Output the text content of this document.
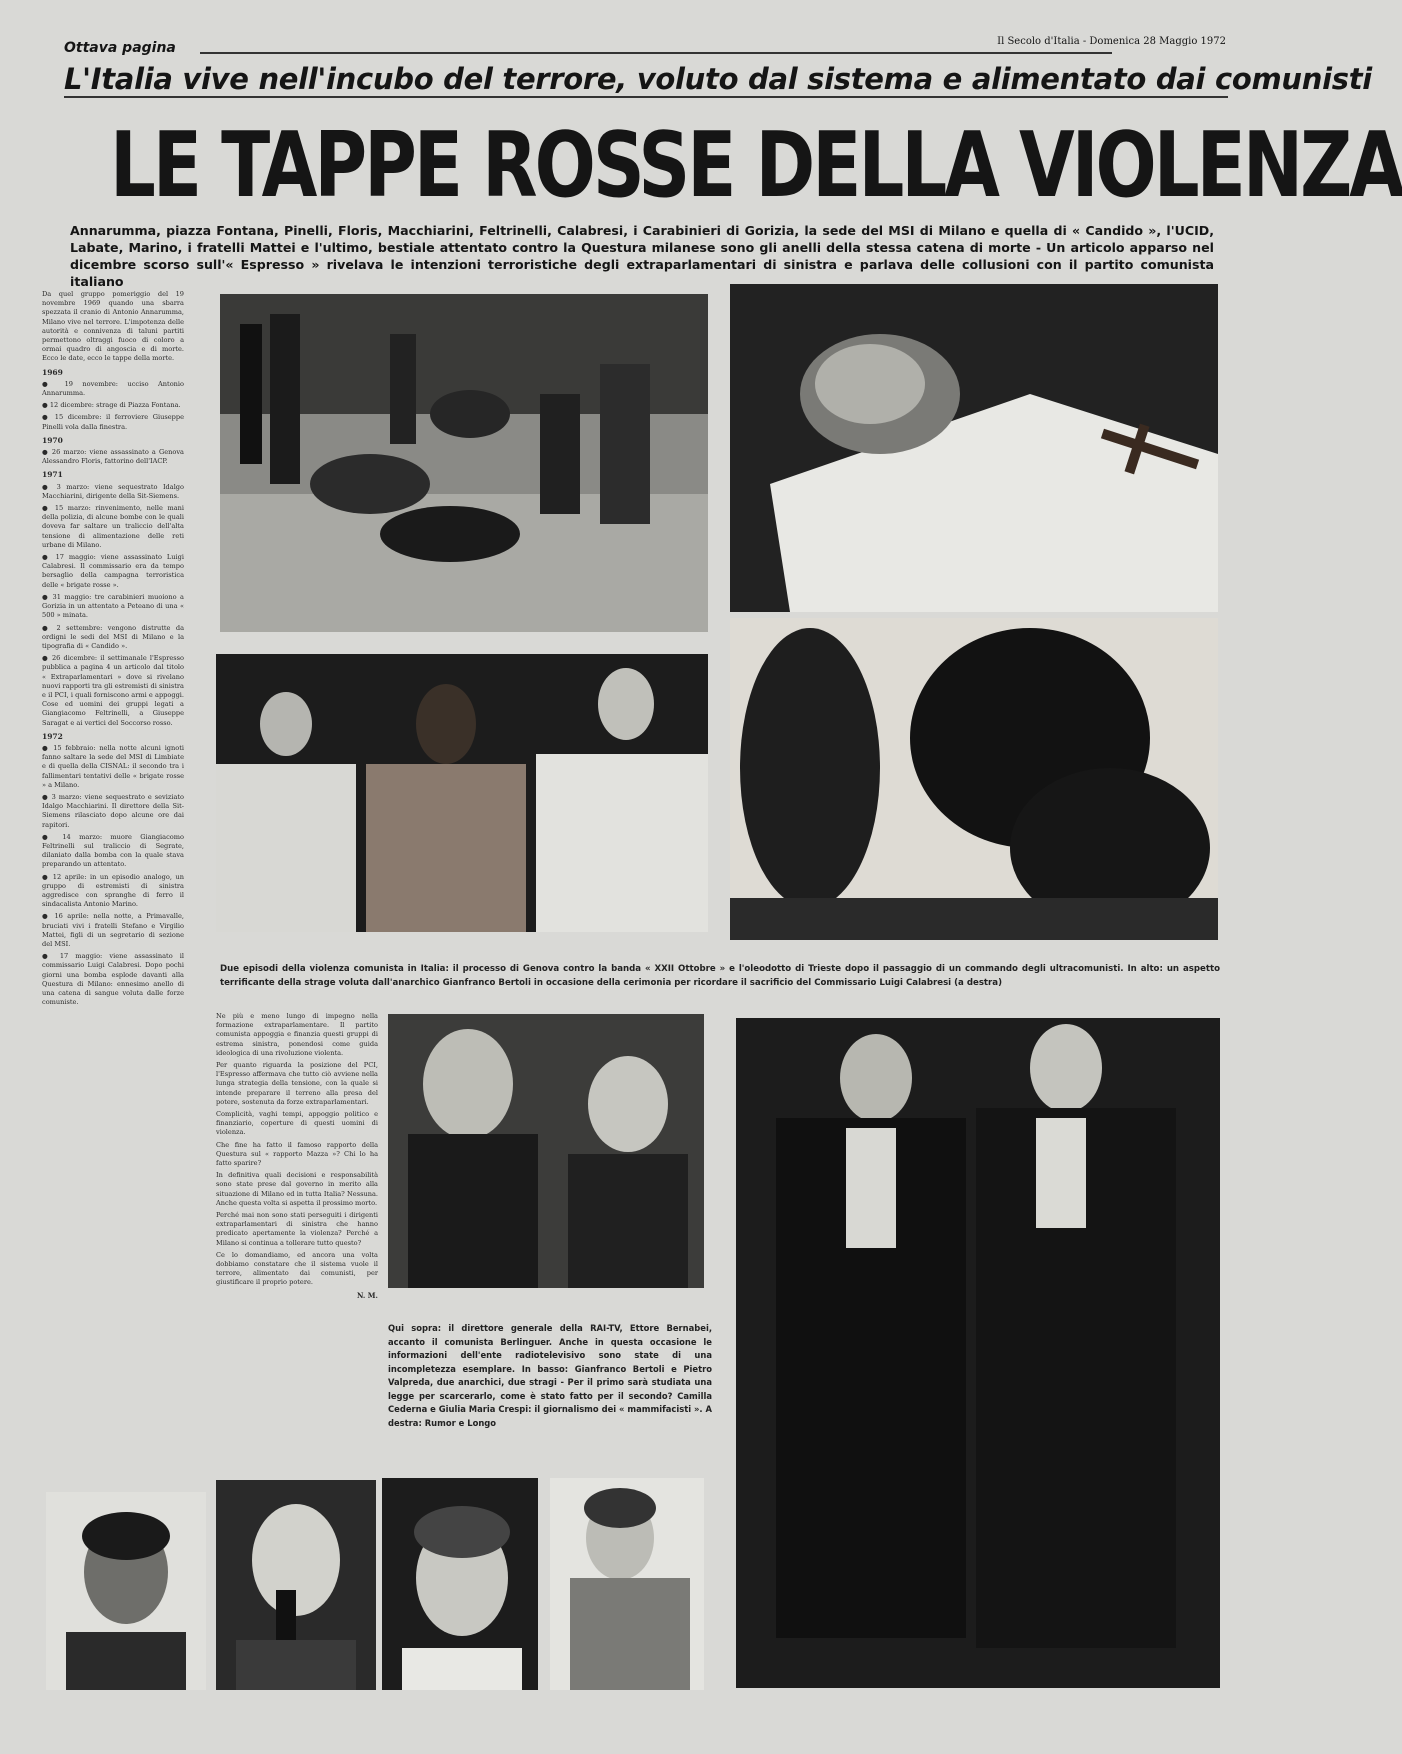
Ottava pagina	Il Secolo d'Italia - Domenica 28 Maggio 1972
L'Italia vive nell'incubo del terrore, voluto dal sistema e alimentato dai comunisti
LE TAPPE ROSSE DELLA VIOLENZA
Annarumma, piazza Fontana, Pinelli, Floris, Macchiarini, Feltrinelli, Calabresi, i Carabinieri di Gorizia, la sede del MSI di Milano e quella di « Candido », l'UCID, Labate, Marino, i fratelli Mattei e l'ultimo, bestiale attentato contro la Questura milanese sono gli anelli della stessa catena di morte - Un articolo apparso nel dicembre scorso sull'« Espresso » rivelava le intenzioni terroristiche degli extraparlamentari di sinistra e parlava delle collusioni con il partito comunista italiano

Da quel gruppo pomeriggio del 19 novembre 1969 quando una sbarra spezzata il cranio di Antonio Annarumma, Milano vive nel terrore. L'impotenza delle autorità e connivenza di taluni partiti permettono oltraggi fuoco di coloro a ormai quadro di angoscia e di morte. Ecco le date, ecco le tappe della morte.

1969

● 19 novembre: ucciso Antonio Annarumma.

● 12 dicembre: strage di Piazza Fontana.

● 15 dicembre: il ferroviere Giuseppe Pinelli vola dalla finestra.

1970

● 26 marzo: viene assassinato a Genova Alessandro Floris, fattorino dell'IACP.

1971

● 3 marzo: viene sequestrato Idalgo Macchiarini, dirigente della Sit-Siemens.

● 15 marzo: rinvenimento, nelle mani della polizia, di alcune bombe con le quali doveva far saltare un traliccio dell'alta tensione di alimentazione delle reti urbane di Milano.

● 17 maggio: viene assassinato Luigi Calabresi. Il commissario era da tempo bersaglio della campagna terroristica delle « brigate rosse ».

● 31 maggio: tre carabinieri muoiono a Gorizia in un attentato a Peteano di una « 500 » minata.

● 2 settembre: vengono distrutte da ordigni le sedi del MSI di Milano e la tipografia di « Candido ».

● 26 dicembre: il settimanale l'Espresso pubblica a pagina 4 un articolo dal titolo « Extraparlamentari » dove si rivelano nuovi rapporti tra gli estremisti di sinistra e il PCI, i quali forniscono armi e appoggi. Cose ed uomini dei gruppi legati a Giangiacomo Feltrinelli, a Giuseppe Saragat e ai vertici del Soccorso rosso.

1972

● 15 febbraio: nella notte alcuni ignoti fanno saltare la sede del MSI di Limbiate e di quella della CISNAL: il secondo tra i fallimentari tentativi delle « brigate rosse » a Milano.

● 3 marzo: viene sequestrato e seviziato Idalgo Macchiarini. Il direttore della Sit-Siemens rilasciato dopo alcune ore dai rapitori.

● 14 marzo: muore Giangiacomo Feltrinelli sul traliccio di Segrate, dilaniato dalla bomba con la quale stava preparando un attentato.

● 12 aprile: in un episodio analogo, un gruppo di estremisti di sinistra aggredisce con spranghe di ferro il sindacalista Antonio Marino.

● 16 aprile: nella notte, a Primavalle, bruciati vivi i fratelli Stefano e Virgilio Mattei, figli di un segretario di sezione del MSI.

● 17 maggio: viene assassinato il commissario Luigi Calabresi. Dopo pochi giorni una bomba esplode davanti alla Questura di Milano: ennesimo anello di una catena di sangue voluta dalle forze comuniste.

Ne più e meno lungo di impegno nella formazione extraparlamentare. Il partito comunista appoggia e finanzia questi gruppi di estrema sinistra, ponendosi come guida ideologica di una rivoluzione violenta.

Per quanto riguarda la posizione del PCI, l'Espresso affermava che tutto ciò avviene nella lunga strategia della tensione, con la quale si intende preparare il terreno alla presa del potere, sostenuta da forze extraparlamentari.

Complicità, vaghi tempi, appoggio politico e finanziario, coperture di questi uomini di violenza.

Che fine ha fatto il famoso rapporto della Questura sul « rapporto Mazza »? Chi lo ha fatto sparire?

In definitiva quali decisioni e responsabilità sono state prese dal governo in merito alla situazione di Milano ed in tutta Italia? Nessuna. Anche questa volta si aspetta il prossimo morto.

Perché mai non sono stati perseguiti i dirigenti extraparlamentari di sinistra che hanno predicato apertamente la violenza? Perché a Milano si continua a tollerare tutto questo?

Ce lo domandiamo, ed ancora una volta dobbiamo constatare che il sistema vuole il terrore, alimentato dai comunisti, per giustificare il proprio potere.

N. M.
Due episodi della violenza comunista in Italia: il processo di Genova contro la banda « XXII Ottobre » e l'oleodotto di Trieste dopo il passaggio di un commando degli ultracomunisti. In alto: un aspetto terrificante della strage voluta dall'anarchico Gianfranco Bertoli in occasione della cerimonia per ricordare il sacrificio del Commissario Luigi Calabresi (a destra)
Qui sopra: il direttore generale della RAI-TV, Ettore Bernabei, accanto il comunista Berlinguer. Anche in questa occasione le informazioni dell'ente radiotelevisivo sono state di una incompletezza esemplare. In basso: Gianfranco Bertoli e Pietro Valpreda, due anarchici, due stragi - Per il primo sarà studiata una legge per scarcerarlo, come è stato fatto per il secondo? Camilla Cederna e Giulia Maria Crespi: il giornalismo dei « mammifacisti ». A destra: Rumor e Longo
